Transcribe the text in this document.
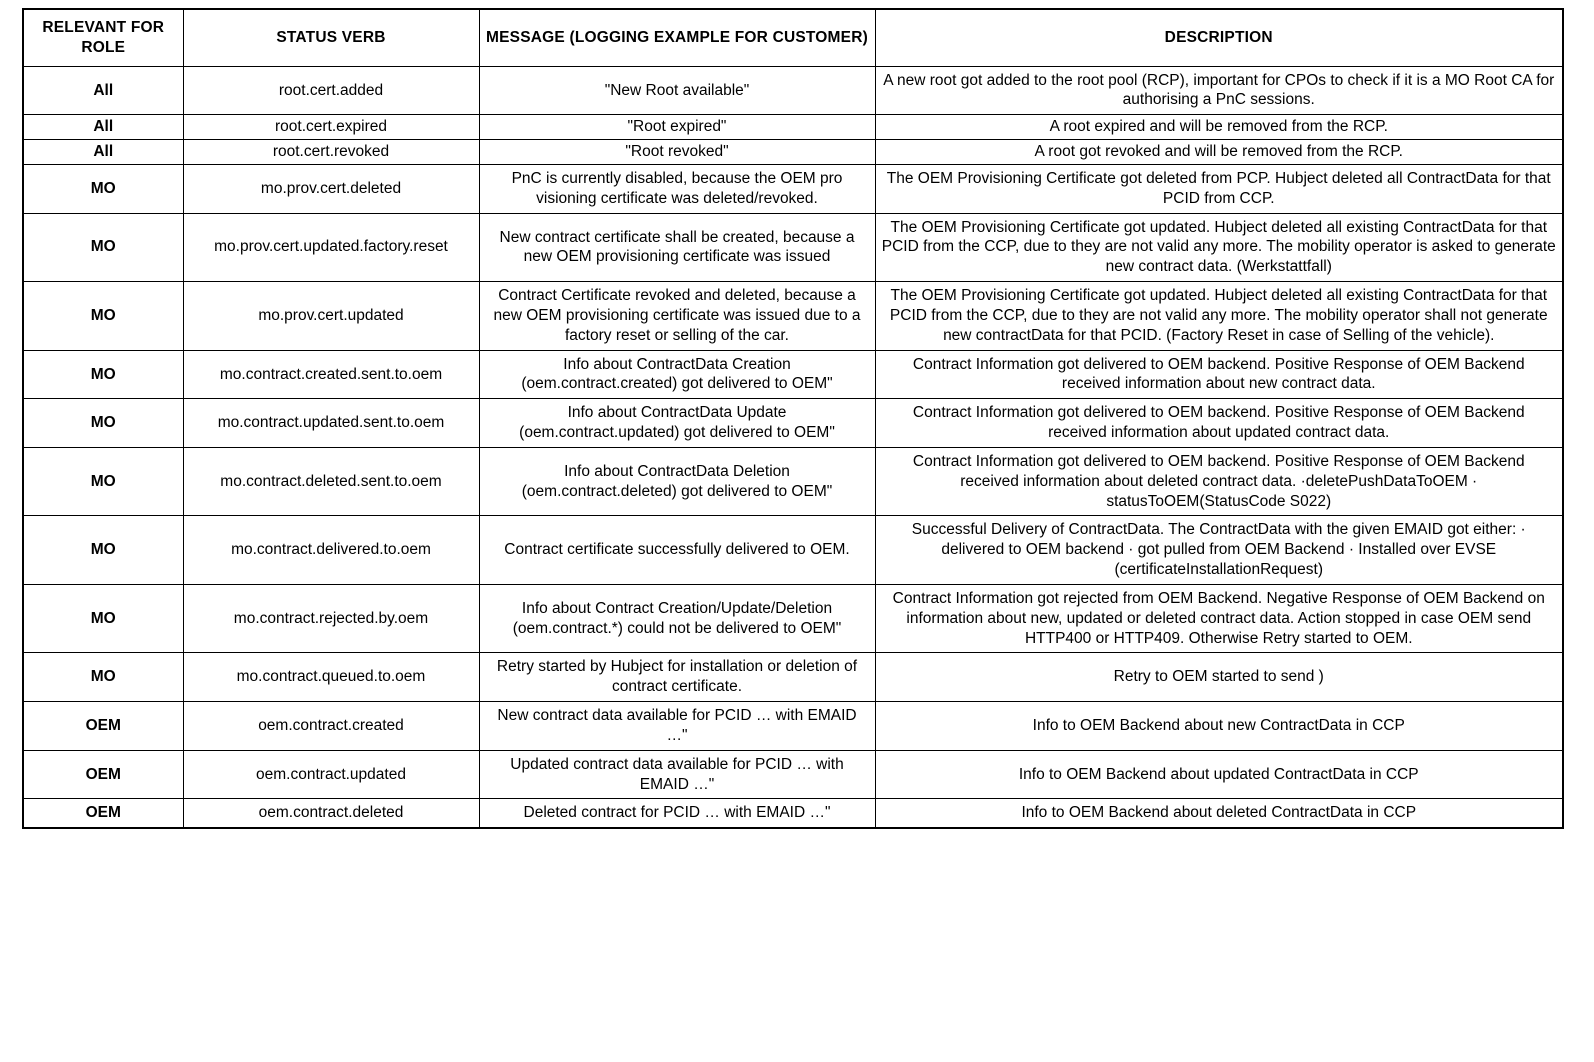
RELEVANT FOR ROLE	STATUS VERB	MESSAGE (LOGGING EXAMPLE FOR CUSTOMER)	DESCRIPTION
All	root.cert.added	"New Root available"	A new root got added to the root pool (RCP), important for CPOs to check if it is a MO Root CA for authorising a PnC sessions.
All	root.cert.expired	"Root expired"	A root expired and will be removed from the RCP.
All	root.cert.revoked	"Root revoked"	A root got revoked and will be removed from the RCP.
MO	mo.prov.cert.deleted	PnC is currently disabled, because the OEM pro visioning certificate was deleted/revoked.	The OEM Provisioning Certificate got deleted from PCP. Hubject deleted all ContractData for that PCID from CCP.
MO	mo.prov.cert.updated.factory.reset	New contract certificate shall be created, because a new OEM provisioning certificate was issued	The OEM Provisioning Certificate got updated. Hubject deleted all existing ContractData for that PCID from the CCP, due to they are not valid any more. The mobility operator is asked to generate new contract data. (Werkstattfall)
MO	mo.prov.cert.updated	Contract Certificate revoked and deleted, because a new OEM provisioning certificate was issued due to a factory reset or selling of the car.	The OEM Provisioning Certificate got updated. Hubject deleted all existing ContractData for that PCID from the CCP, due to they are not valid any more. The mobility operator shall not generate new contractData for that PCID. (Factory Reset in case of Selling of the vehicle).
MO	mo.contract.created.sent.to.oem	Info about ContractData Creation (oem.contract.created) got delivered to OEM"	Contract Information got delivered to OEM backend. Positive Response of OEM Backend received information about new contract data.
MO	mo.contract.updated.sent.to.oem	Info about ContractData Update (oem.contract.updated) got delivered to OEM"	Contract Information got delivered to OEM backend. Positive Response of OEM Backend received information about updated contract data.
MO	mo.contract.deleted.sent.to.oem	Info about ContractData Deletion (oem.contract.deleted) got delivered to OEM"	Contract Information got delivered to OEM backend. Positive Response of OEM Backend received information about deleted contract data. ·deletePushDataToOEM · statusToOEM(StatusCode S022)
MO	mo.contract.delivered.to.oem	Contract certificate successfully delivered to OEM.	Successful Delivery of ContractData. The ContractData with the given EMAID got either: · delivered to OEM backend · got pulled from OEM Backend · Installed over EVSE (certificateInstallationRequest)
MO	mo.contract.rejected.by.oem	Info about Contract Creation/Update/Deletion (oem.contract.*) could not be delivered to OEM"	Contract Information got rejected from OEM Backend. Negative Response of OEM Backend on information about new, updated or deleted contract data. Action stopped in case OEM send HTTP400 or HTTP409. Otherwise Retry started to OEM.
MO	mo.contract.queued.to.oem	Retry started by Hubject for installation or deletion of contract certificate.	Retry to OEM started to send )
OEM	oem.contract.created	New contract data available for PCID … with EMAID …"	Info to OEM Backend about new ContractData in CCP
OEM	oem.contract.updated	Updated contract data available for PCID … with EMAID …"	Info to OEM Backend about updated ContractData in CCP
OEM	oem.contract.deleted	Deleted contract for PCID … with EMAID …"	Info to OEM Backend about deleted ContractData in CCP
